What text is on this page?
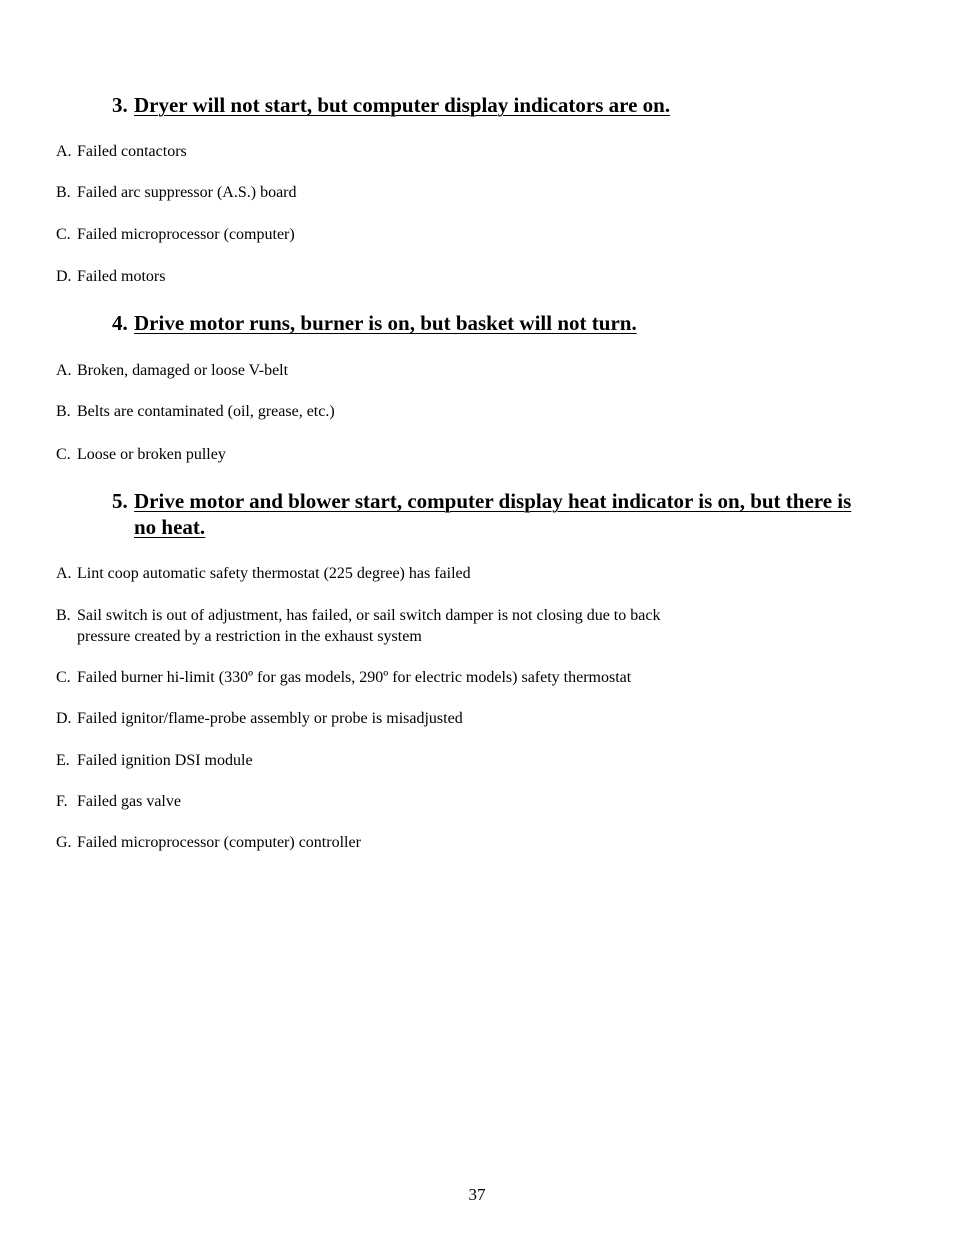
3. Dryer will not start, but computer display indicators are on.
A. Failed contactors
B. Failed arc suppressor (A.S.) board
C. Failed microprocessor (computer)
D. Failed motors
4. Drive motor runs, burner is on, but basket will not turn.
A. Broken, damaged or loose V-belt
B. Belts are contaminated (oil, grease, etc.)
C. Loose or broken pulley
5. Drive motor and blower start, computer display heat indicator is on, but there is no heat.
A. Lint coop automatic safety thermostat (225 degree) has failed
B. Sail switch is out of adjustment, has failed, or sail switch damper is not closing due to back pressure created by a restriction in the exhaust system
C. Failed burner hi-limit (330º for gas models, 290º for electric models) safety thermostat
D. Failed ignitor/flame-probe assembly or probe is misadjusted
E. Failed ignition DSI module
F. Failed gas valve
G. Failed microprocessor (computer) controller
37
